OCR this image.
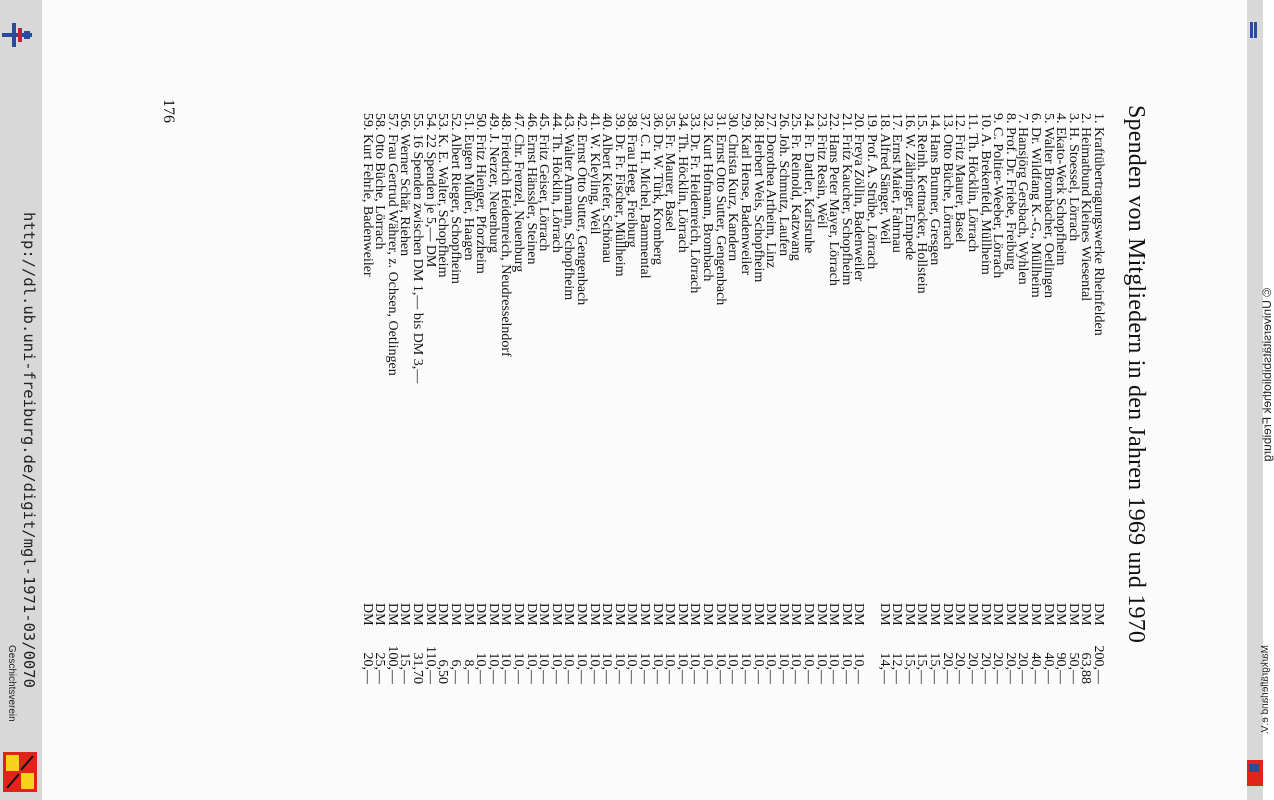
http://dl.ub.uni-freiburg.de/digit/mgl-1971-03/0070
Geschichtsverein
© Universitätsbibliothek Freiburg
Markgräflerland e.V.
Spenden von Mitgliedern in den Jahren 1969 und 1970
176
1. Kraftübertragungswerke Rheinfelden
2. Heimatbund Kleines Wiesental
3. H. Stoessel, Lörrach
4. Ekato-Werk Schopfheim
5. Walter Brombacher, Oetlingen
6. Dr. Wildfang K.-G., Müllheim
7. Hansjörg Gersbach, Wyhlen
8. Prof. Dr. Friebe, Freiburg
9. C. Poltier-Weeber, Lörrach
10. A. Brekenfeld, Müllheim
11. Th. Höcklin, Lörrach
12. Fritz Maurer, Basel
13. Otto Büche, Lörrach
14. Hans Brunner, Gresgen
15. Reinh. Kettnacker, Hollstein
16. W. Zähringer, Empede
17. Ernst Maier, Fahrnau
18. Alfred Sänger, Weil
19. Prof. A. Strübe, Lörrach
20. Freya Zöllin, Badenweiler
21. Fritz Kaucher, Schopfheim
22. Hans Peter Mayer, Lörrach
23. Fritz Resin, Weil
24. Fr. Dattler, Karlsruhe
25. Fr. Reinold, Katzwang
26. Joh. Schmutz, Laufen
27. Dorothea Artheim, Linz
28. Herbert Weis, Schopfheim
29. Karl Hense, Badenweiler
30. Christa Kurz, Kandern
31. Ernst Otto Sutter, Gengenbach
32. Kurt Hofmann, Brombach
33. Dr. Fr. Heidenreich, Lörrach
34. Th. Höcklin, Lörrach
35. Fr. Maurer, Basel
36. Dr. W. Türk, Kromberg
37. C. H. Michel, Bammental
38. Frau Heeg, Freiburg
39. Dr. Fr. Fischer, Müllheim
40. Albert Kiefer, Schönau
41. W. Kleyling, Weil
42. Ernst Otto Sutter, Gengenbach
43. Walter Ammann, Schopfheim
44. Th. Höcklin, Lörrach
45. Fritz Geiser, Lörrach
46. Ernst Hänssler, Steinen
47. Chr. Frenzel, Neuenburg
48. Friedrich Heidenreich, Neudresselndorf
49. J. Nerzer, Neuenburg
50. Fritz Hienger, Pforzheim
51. Eugen Müller, Haagen
52. Albert Rieger, Schopfheim
53. K. E. Walter, Schopfheim
54. 22 Spenden je 5,— DM
55. 16 Spenden zwischen DM 1,— bis DM 3,—
56. Werner Schär, Riehen
57. Frau Gertrud Währer, z. Ochsen, Oetlingen
58. Otto Büche, Lörrach
59. Kurt Fehrle, Badenweiler
DM
DM
DM
DM
DM
DM
DM
DM
DM
DM
DM
DM
DM
DM
DM
DM
DM
DM
DM
DM
DM
DM
DM
DM
DM
DM
DM
DM
DM
DM
DM
DM
DM
DM
DM
DM
DM
DM
DM
DM
DM
DM
DM
DM
DM
DM
DM
DM
DM
DM
DM
DM
DM
DM
DM
DM
DM
DM
200,—
63,88
50,—
90,—
40,—
40,—
20,—
20,—
20,—
20,—
20,—
20,—
20,—
15,—
15,—
15,—
12,—
14,—
10,—
10,—
10,—
10,—
10,—
10,—
10,—
10,—
10,—
10,—
10,—
10,—
10,—
10,—
10,—
10,—
10,—
10,—
10,—
10,—
10,—
10,—
10,—
10,—
10,—
10,—
10,—
10,—
10,—
10,—
10,—
8,—
6,—
6,50
110,—
31,70
15,—
100,—
25,—
20,—
